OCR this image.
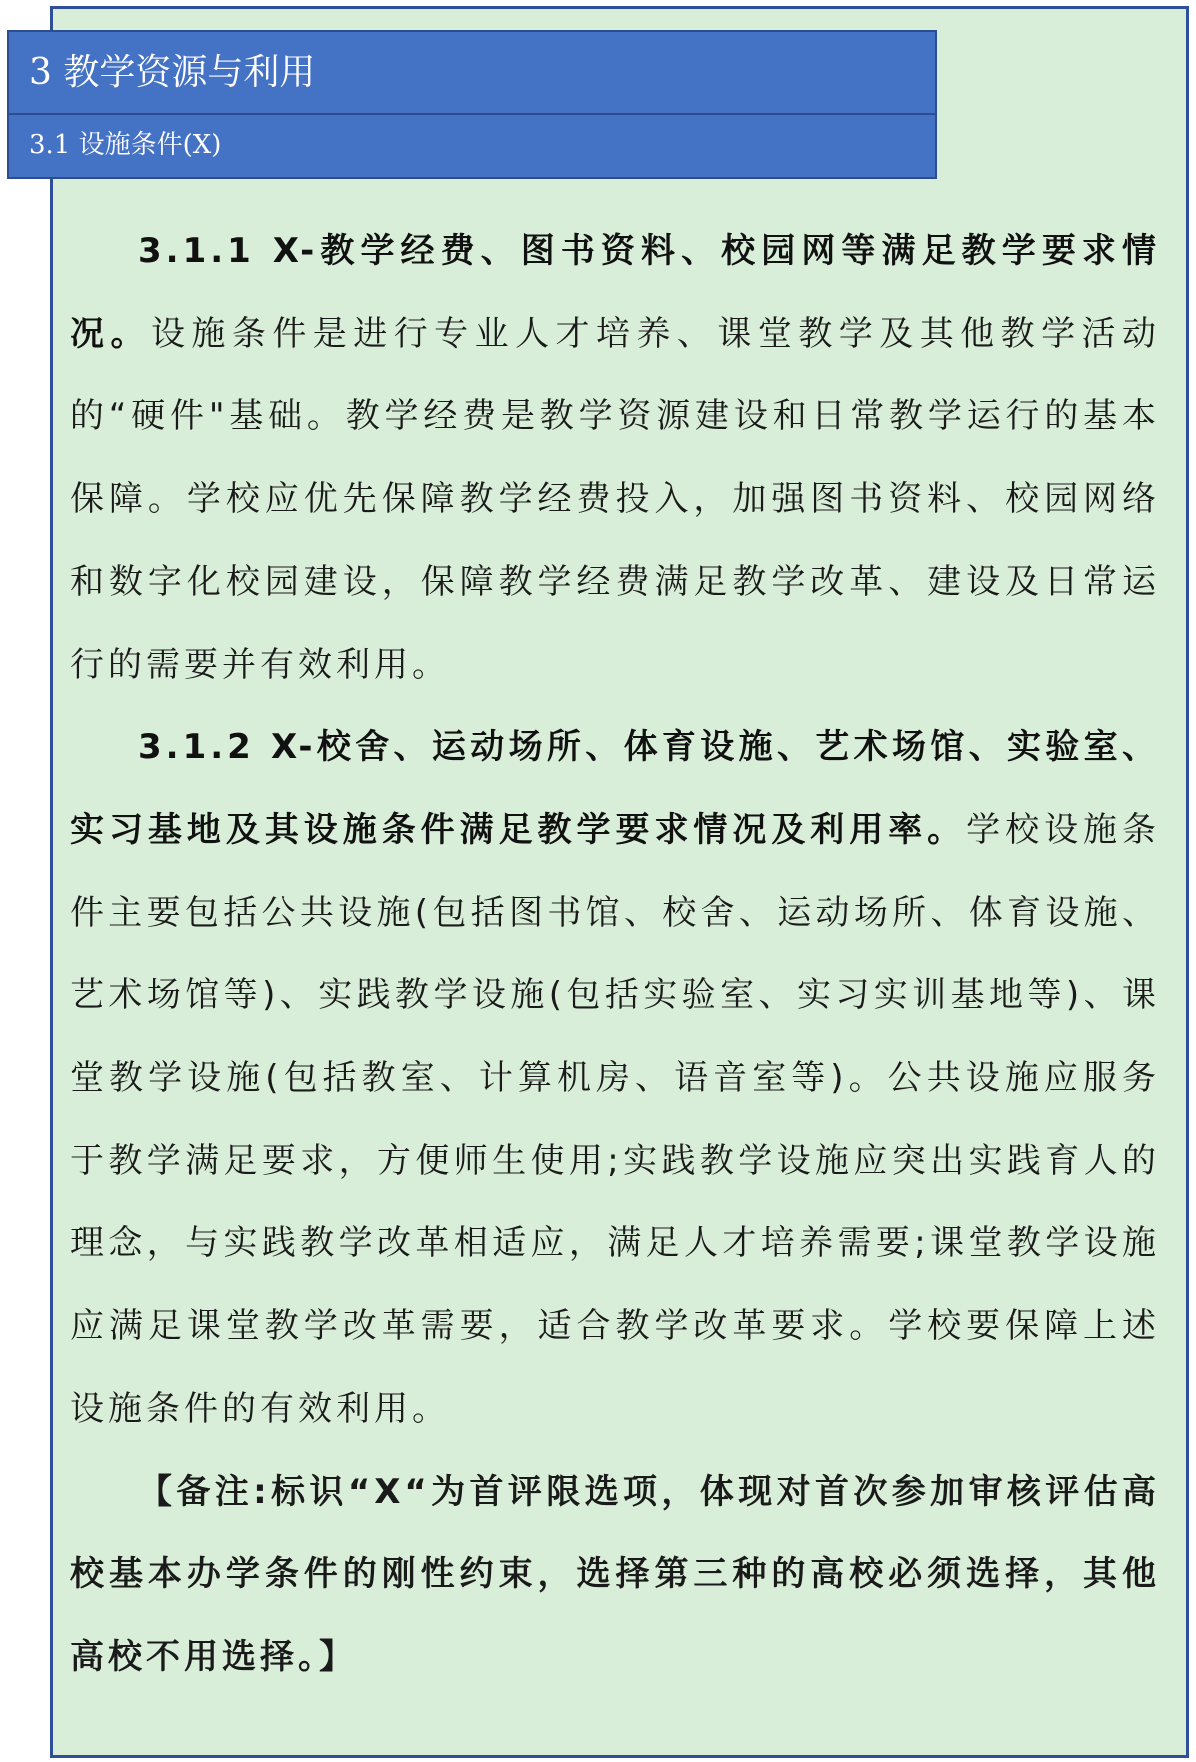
3 教学资源与利用
3.1 设施条件(X)

3.1.1 X-教学经费、图书资料、校园网等满足教学要求情况。设施条件是进行专业人才培养、课堂教学及其他教学活动的“硬件"基础。教学经费是教学资源建设和日常教学运行的基本保障。学校应优先保障教学经费投入，加强图书资料、校园网络和数字化校园建设，保障教学经费满足教学改革、建设及日常运行的需要并有效利用。

3.1.2 X-校舍、运动场所、体育设施、艺术场馆、实验室、实习基地及其设施条件满足教学要求情况及利用率。学校设施条件主要包括公共设施(包括图书馆、校舍、运动场所、体育设施、艺术场馆等)、实践教学设施(包括实验室、实习实训基地等)、课堂教学设施(包括教室、计算机房、语音室等)。公共设施应服务于教学满足要求，方便师生使用;实践教学设施应突出实践育人的理念，与实践教学改革相适应，满足人才培养需要;课堂教学设施应满足课堂教学改革需要，适合教学改革要求。学校要保障上述设施条件的有效利用。

【备注:标识“X“为首评限选项，体现对首次参加审核评估高校基本办学条件的刚性约束，选择第三种的高校必须选择，其他高校不用选择。】
